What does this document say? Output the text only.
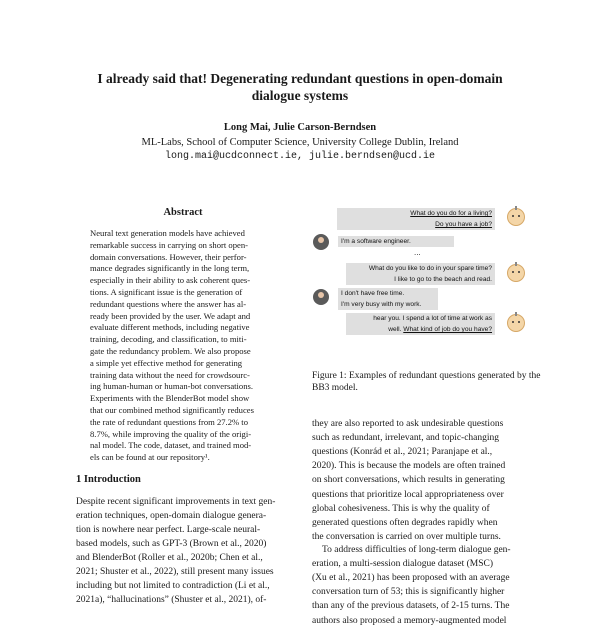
I already said that! Degenerating redundant questions in open-domain
dialogue systems
Long Mai, Julie Carson-Berndsen
ML-Labs, School of Computer Science, University College Dublin, Ireland
long.mai@ucdconnect.ie, julie.berndsen@ucd.ie
Abstract
Neural text generation models have achieved
remarkable success in carrying on short open-
domain conversations. However, their perfor-
mance degrades significantly in the long term,
especially in their ability to ask coherent ques-
tions. A significant issue is the generation of
redundant questions where the answer has al-
ready been provided by the user. We adapt and
evaluate different methods, including negative
training, decoding, and classification, to miti-
gate the redundancy problem. We also propose
a simple yet effective method for generating
training data without the need for crowdsourc-
ing human-human or human-bot conversations.
Experiments with the BlenderBot model show
that our combined method significantly reduces
the rate of redundant questions from 27.2% to
8.7%, while improving the quality of the origi-
nal model. The code, dataset, and trained mod-
els can be found at our repository¹.
1 Introduction
Despite recent significant improvements in text gen-
eration techniques, open-domain dialogue genera-
tion is nowhere near perfect. Large-scale neural-
based models, such as GPT-3 (Brown et al., 2020)
and BlenderBot (Roller et al., 2020b; Chen et al.,
2021; Shuster et al., 2022), still present many issues
including but not limited to contradiction (Li et al.,
2021a), “hallucinations” (Shuster et al., 2021), of-
What do you do for a living?
Do you have a job?
I'm a software engineer.
...
What do you like to do in your spare time?
I like to go to the beach and read.
I don't have free time.
I'm very busy with my work.
hear you. I spend a lot of time at work as
well. What kind of job do you have?
Figure 1: Examples of redundant questions generated by the BB3 model.
they are also reported to ask undesirable questions
such as redundant, irrelevant, and topic-changing
questions (Konrád et al., 2021; Paranjape et al.,
2020). This is because the models are often trained
on short conversations, which results in generating
questions that prioritize local appropriateness over
global cohesiveness. This is why the quality of
generated questions often degrades rapidly when
the conversation is carried on over multiple turns.
To address difficulties of long-term dialogue gen-
eration, a multi-session dialogue dataset (MSC)
(Xu et al., 2021) has been proposed with an average
conversation turn of 53; this is significantly higher
than any of the previous datasets, of 2-15 turns. The
authors also proposed a memory-augmented model
